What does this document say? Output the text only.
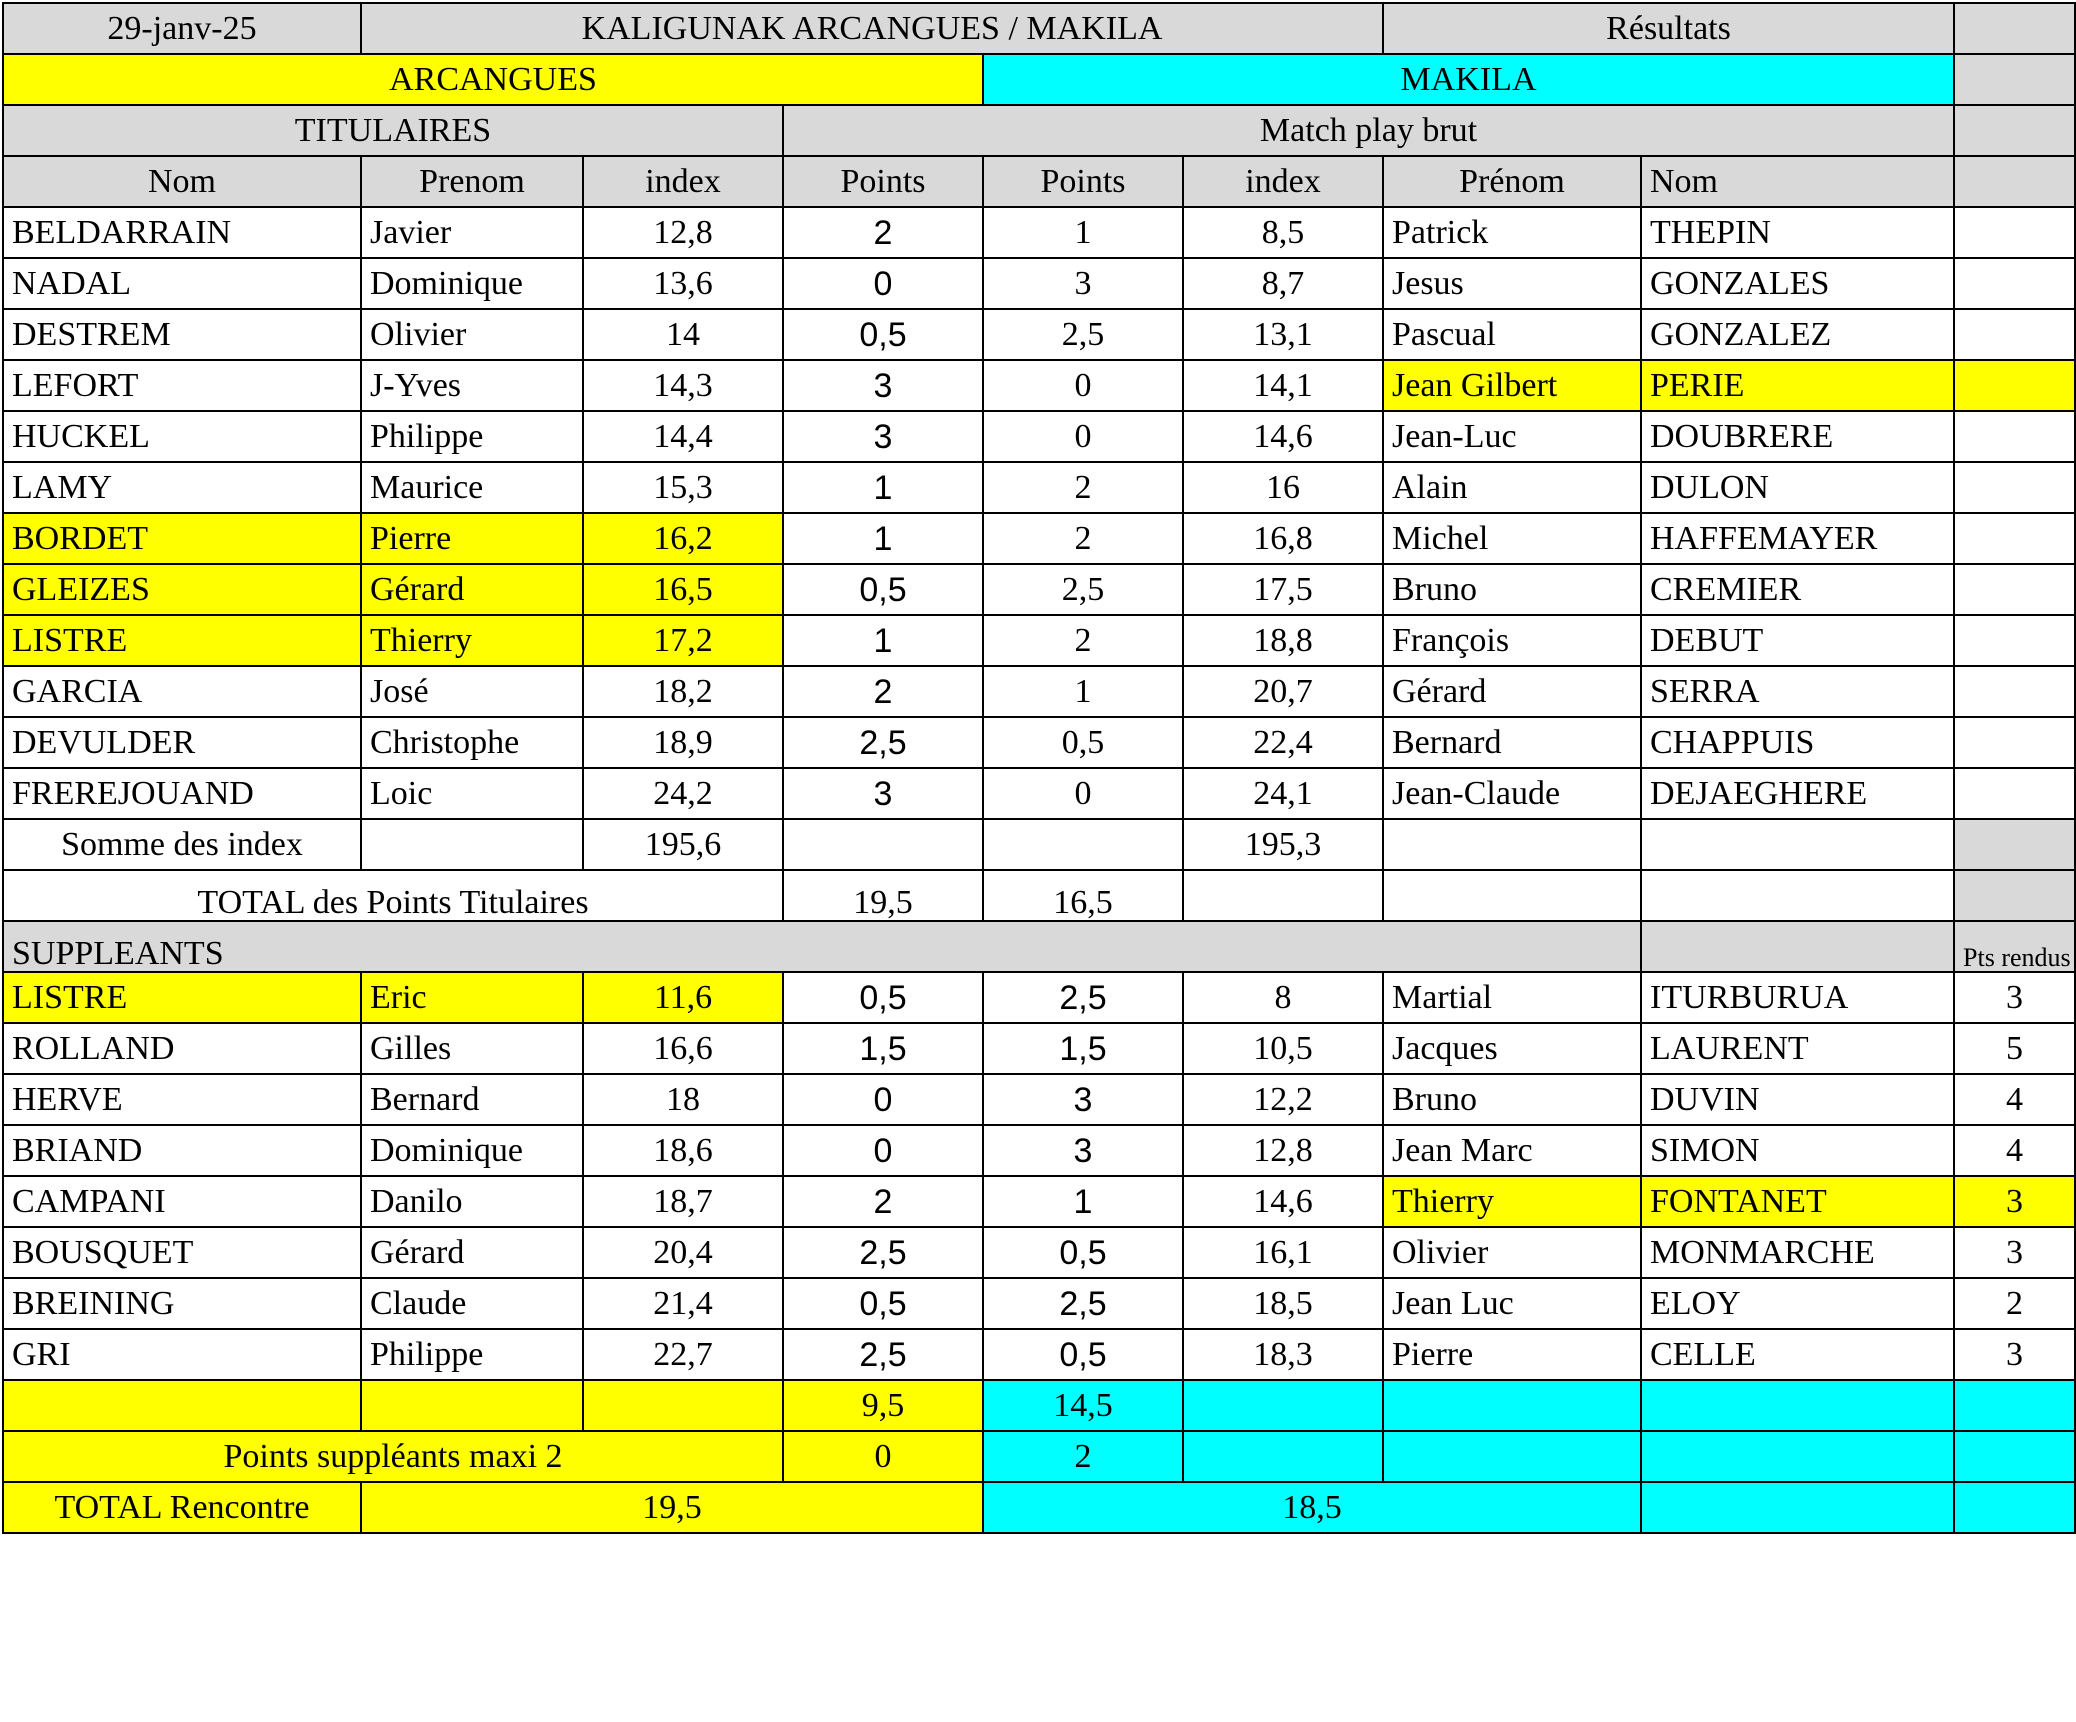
29-janv-25	KALIGUNAK ARCANGUES / MAKILA					Résultats		
ARCANGUES				MAKILA				
TITULAIRES			Match play brut					
Nom	Prenom	index	Points	Points	index	Prénom	Nom	
BELDARRAIN	Javier	12,8	2	1	8,5	Patrick	THEPIN	
NADAL	Dominique	13,6	0	3	8,7	Jesus	GONZALES	
DESTREM	Olivier	14	0,5	2,5	13,1	Pascual	GONZALEZ	
LEFORT	J-Yves	14,3	3	0	14,1	Jean Gilbert	PERIE	
HUCKEL	Philippe	14,4	3	0	14,6	Jean-Luc	DOUBRERE	
LAMY	Maurice	15,3	1	2	16	Alain	DULON	
BORDET	Pierre	16,2	1	2	16,8	Michel	HAFFEMAYER	
GLEIZES	Gérard	16,5	0,5	2,5	17,5	Bruno	CREMIER	
LISTRE	Thierry	17,2	1	2	18,8	François	DEBUT	
GARCIA	José	18,2	2	1	20,7	Gérard	SERRA	
DEVULDER	Christophe	18,9	2,5	0,5	22,4	Bernard	CHAPPUIS	
FREREJOUAND	Loic	24,2	3	0	24,1	Jean-Claude	DEJAEGHERE	
Somme des index		195,6			195,3			
TOTAL des Points Titulaires			19,5	16,5				
SUPPLEANTS								Pts rendus
LISTRE	Eric	11,6	0,5	2,5	8	Martial	ITURBURUA	3
ROLLAND	Gilles	16,6	1,5	1,5	10,5	Jacques	LAURENT	5
HERVE	Bernard	18	0	3	12,2	Bruno	DUVIN	4
BRIAND	Dominique	18,6	0	3	12,8	Jean Marc	SIMON	4
CAMPANI	Danilo	18,7	2	1	14,6	Thierry	FONTANET	3
BOUSQUET	Gérard	20,4	2,5	0,5	16,1	Olivier	MONMARCHE	3
BREINING	Claude	21,4	0,5	2,5	18,5	Jean Luc	ELOY	2
GRI	Philippe	22,7	2,5	0,5	18,3	Pierre	CELLE	3
			9,5	14,5				
Points suppléants maxi 2			0	2				
TOTAL Rencontre	19,5			18,5				
